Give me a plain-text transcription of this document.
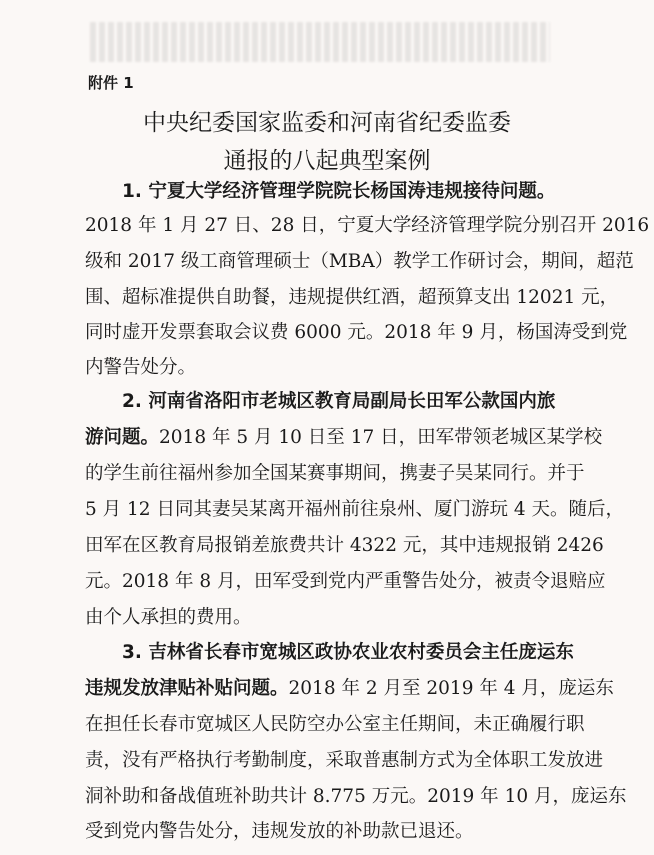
附件 1
中央纪委国家监委和河南省纪委监委
通报的八起典型案例
1. 宁夏大学经济管理学院院长杨国涛违规接待问题。
2018 年 1 月 27 日、28 日，宁夏大学经济管理学院分别召开 2016
级和 2017 级工商管理硕士（MBA）教学工作研讨会，期间，超范
围、超标准提供自助餐，违规提供红酒，超预算支出 12021 元，
同时虚开发票套取会议费 6000 元。2018 年 9 月，杨国涛受到党
内警告处分。
2. 河南省洛阳市老城区教育局副局长田军公款国内旅
游问题。2018 年 5 月 10 日至 17 日，田军带领老城区某学校
的学生前往福州参加全国某赛事期间，携妻子吴某同行。并于
5 月 12 日同其妻吴某离开福州前往泉州、厦门游玩 4 天。随后，
田军在区教育局报销差旅费共计 4322 元，其中违规报销 2426
元。2018 年 8 月，田军受到党内严重警告处分，被责令退赔应
由个人承担的费用。
3. 吉林省长春市宽城区政协农业农村委员会主任庞运东
违规发放津贴补贴问题。2018 年 2 月至 2019 年 4 月，庞运东
在担任长春市宽城区人民防空办公室主任期间，未正确履行职
责，没有严格执行考勤制度，采取普惠制方式为全体职工发放进
洞补助和备战值班补助共计 8.775 万元。2019 年 10 月，庞运东
受到党内警告处分，违规发放的补助款已退还。
